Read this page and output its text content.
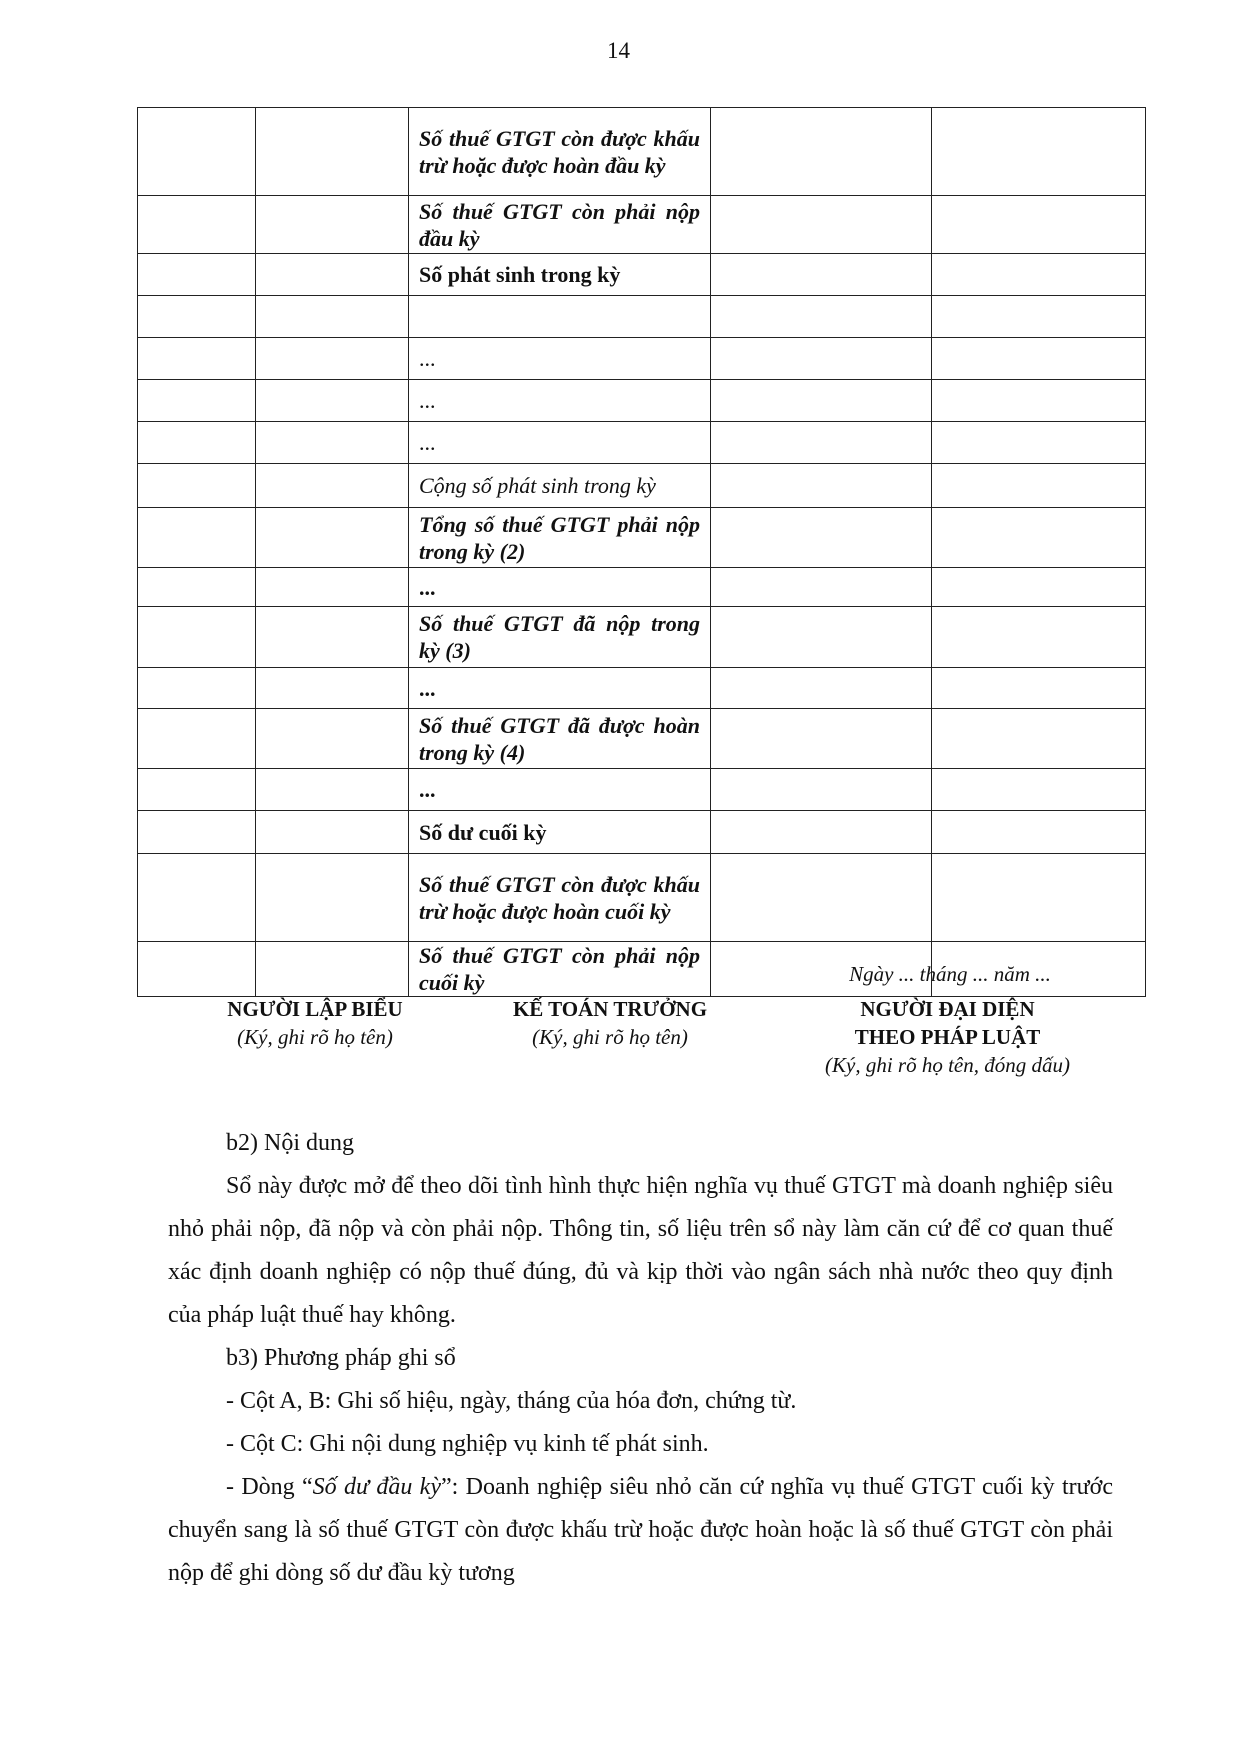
14
		Số thuế GTGT còn được khấu trừ hoặc được hoàn đầu kỳ		
		Số thuế GTGT còn phải nộp đầu kỳ		
		Số phát sinh trong kỳ		

		...		
		...		
		...		
		Cộng số phát sinh trong kỳ		
		Tổng số thuế GTGT phải nộp trong kỳ (2)		
		...		
		Số thuế GTGT đã nộp trong kỳ (3)		
		...		
		Số thuế GTGT đã được hoàn trong kỳ (4)		
		...		
		Số dư cuối kỳ		
		Số thuế GTGT còn được khấu trừ hoặc được hoàn cuối kỳ		
		Số thuế GTGT còn phải nộp cuối kỳ			Ngày ... tháng ... năm ...
NGƯỜI LẬP BIỂU
(Ký, ghi rõ họ tên)
KẾ TOÁN TRƯỞNG
(Ký, ghi rõ họ tên)
NGƯỜI ĐẠI DIỆN
THEO PHÁP LUẬT
(Ký, ghi rõ họ tên, đóng dấu)

b2) Nội dung

Sổ này được mở để theo dõi tình hình thực hiện nghĩa vụ thuế GTGT mà doanh nghiệp siêu nhỏ phải nộp, đã nộp và còn phải nộp. Thông tin, số liệu trên sổ này làm căn cứ để cơ quan thuế xác định doanh nghiệp có nộp thuế đúng, đủ và kịp thời vào ngân sách nhà nước theo quy định của pháp luật thuế hay không.

b3) Phương pháp ghi sổ

- Cột A, B: Ghi số hiệu, ngày, tháng của hóa đơn, chứng từ.

- Cột C: Ghi nội dung nghiệp vụ kinh tế phát sinh.

- Dòng “Số dư đầu kỳ”: Doanh nghiệp siêu nhỏ căn cứ nghĩa vụ thuế GTGT cuối kỳ trước chuyển sang là số thuế GTGT còn được khấu trừ hoặc được hoàn hoặc là số thuế GTGT còn phải nộp để ghi dòng số dư đầu kỳ tương
